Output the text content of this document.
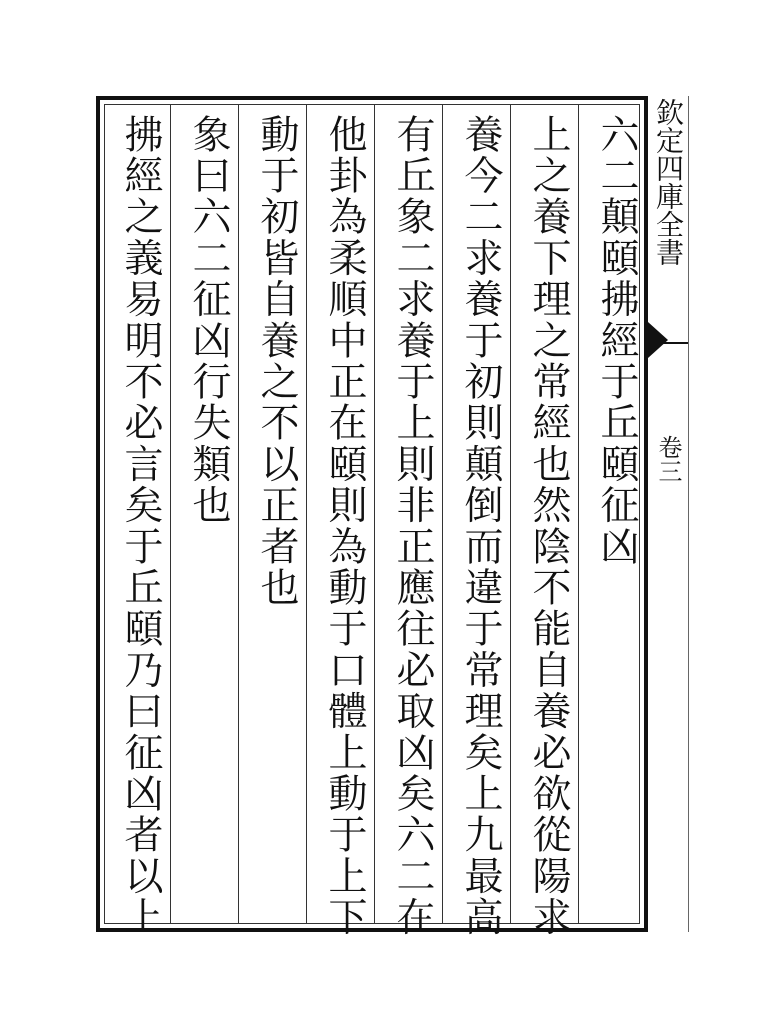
六二顛頤拂經于丘頤征凶
上之養下理之常經也然陰不能自養必欲從陽求
養今二求養于初則顛倒而違于常理矣上九最高
有丘象二求養于上則非正應往必取凶矣六二在
他卦為柔順中正在頤則為動于口體上動于上下
動于初皆自養之不以正者也
象曰六二征凶行失類也
拂經之義易明不必言矣于丘頤乃曰征凶者以上	欽定四庫全書
卷三
